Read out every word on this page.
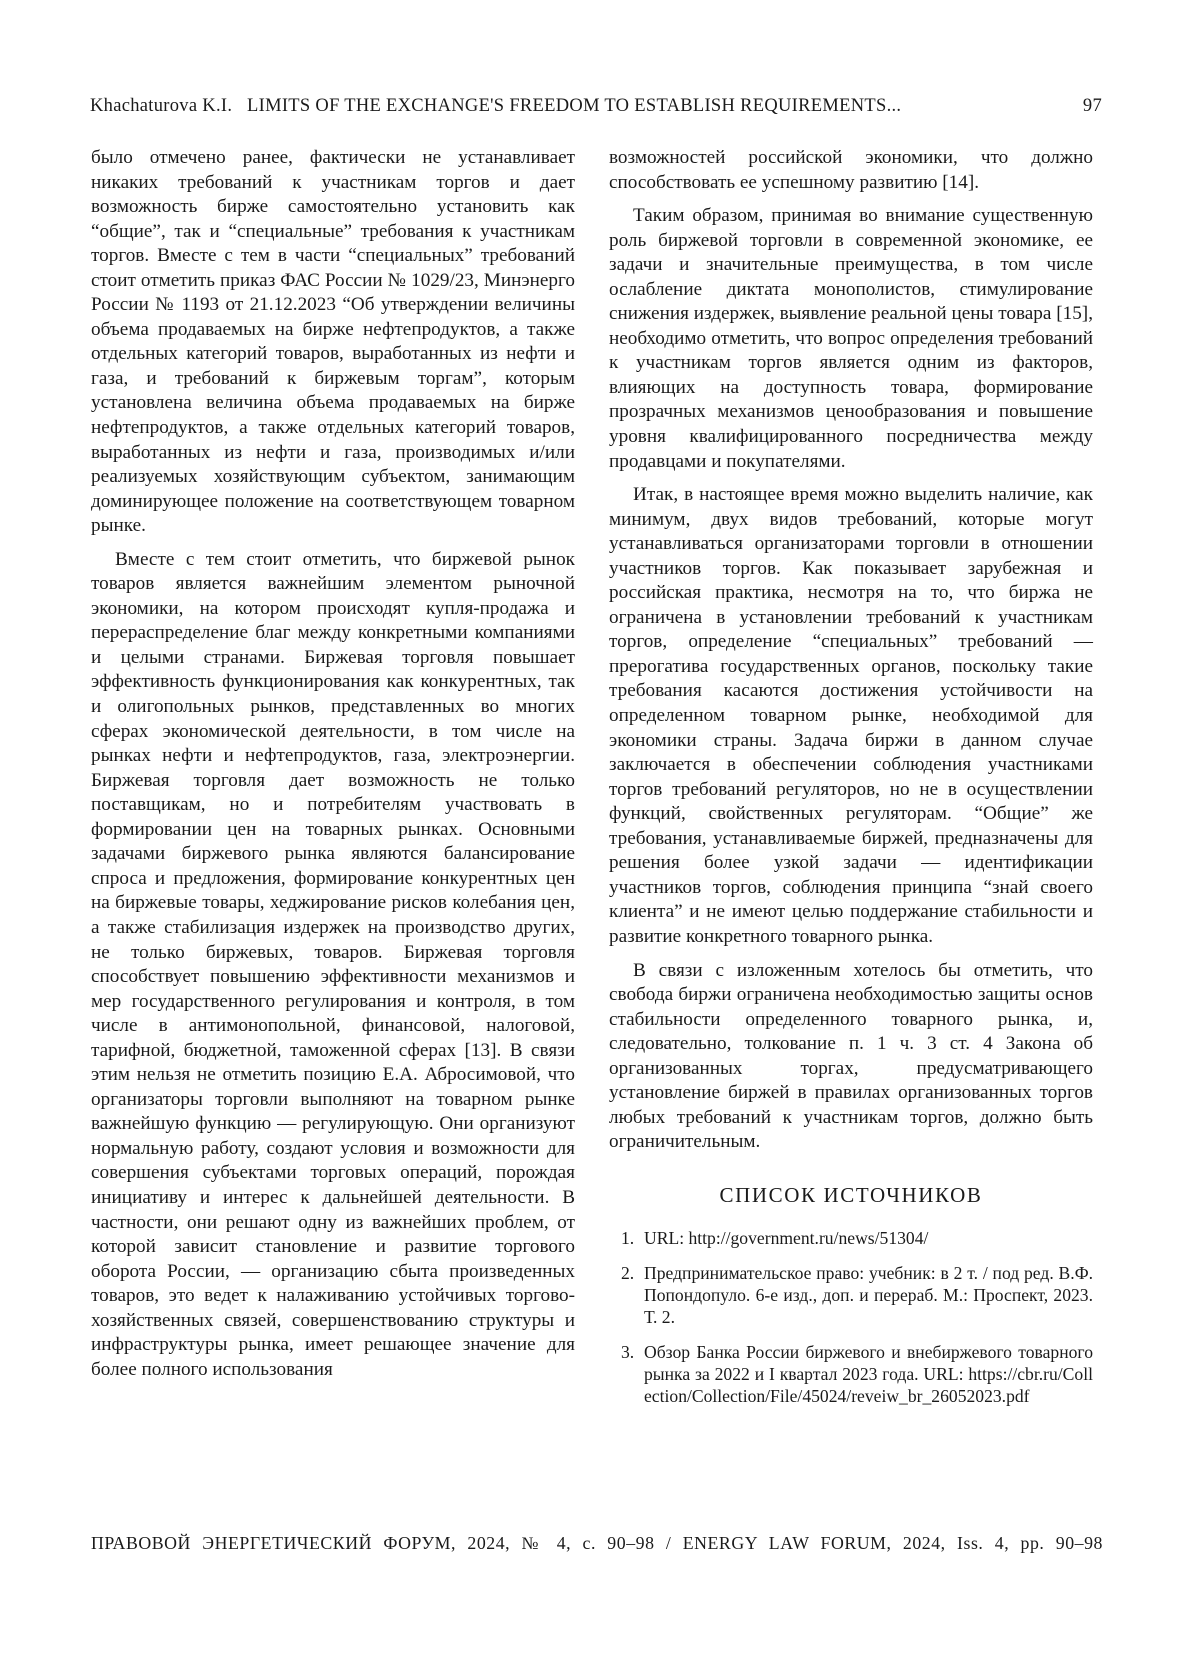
Khachaturova K.I.   LIMITS OF THE EXCHANGE'S FREEDOM TO ESTABLISH REQUIREMENTS...	97

было отмечено ранее, фактически не устанавливает никаких требований к участникам торгов и дает возможность бирже самостоятельно установить как “общие”, так и “специальные” требования к участникам торгов. Вместе с тем в части “специальных” требований стоит отметить приказ ФАС России № 1029/23, Минэнерго России № 1193 от 21.12.2023 “Об утверждении величины объема продаваемых на бирже нефтепродуктов, а также отдельных категорий товаров, выработанных из нефти и газа, и требований к биржевым торгам”, которым установлена величина объема продаваемых на бирже нефтепродуктов, а также отдельных категорий товаров, выработанных из нефти и газа, производимых и/или реализуемых хозяйствующим субъектом, занимающим доминирующее положение на соответствующем товарном рынке.

Вместе с тем стоит отметить, что биржевой рынок товаров является важнейшим элементом рыночной экономики, на котором происходят купля-продажа и перераспределение благ между конкретными компаниями и целыми странами. Биржевая торговля повышает эффективность функционирования как конкурентных, так и олигопольных рынков, представленных во многих сферах экономической деятельности, в том числе на рынках нефти и нефтепродуктов, газа, электроэнергии. Биржевая торговля дает возможность не только поставщикам, но и потребителям участвовать в формировании цен на товарных рынках. Основными задачами биржевого рынка являются балансирование спроса и предложения, формирование конкурентных цен на биржевые товары, хеджирование рисков колебания цен, а также стабилизация издержек на производство других, не только биржевых, товаров. Биржевая торговля способствует повышению эффективности механизмов и мер государственного регулирования и контроля, в том числе в антимонопольной, финансовой, налоговой, тарифной, бюджетной, таможенной сферах [13]. В связи этим нельзя не отметить позицию Е.А. Абросимовой, что организаторы торговли выполняют на товарном рынке важнейшую функцию — регулирующую. Они организуют нормальную работу, создают условия и возможности для совершения субъектами торговых операций, порождая инициативу и интерес к дальнейшей деятельности. В частности, они решают одну из важнейших проблем, от которой зависит становление и развитие торгового оборота России, — организацию сбыта произведенных товаров, это ведет к налаживанию устойчивых торгово-хозяйственных связей, совершенствованию структуры и инфраструктуры рынка, имеет решающее значение для более полного использования

возможностей российской экономики, что должно способствовать ее успешному развитию [14].

Таким образом, принимая во внимание существенную роль биржевой торговли в современной экономике, ее задачи и значительные преимущества, в том числе ослабление диктата монополистов, стимулирование снижения издержек, выявление реальной цены товара [15], необходимо отметить, что вопрос определения требований к участникам торгов является одним из факторов, влияющих на доступность товара, формирование прозрачных механизмов ценообразования и повышение уровня квалифицированного посредничества между продавцами и покупателями.

Итак, в настоящее время можно выделить наличие, как минимум, двух видов требований, которые могут устанавливаться организаторами торговли в отношении участников торгов. Как показывает зарубежная и российская практика, несмотря на то, что биржа не ограничена в установлении требований к участникам торгов, определение “специальных” требований — прерогатива государственных органов, поскольку такие требования касаются достижения устойчивости на определенном товарном рынке, необходимой для экономики страны. Задача биржи в данном случае заключается в обеспечении соблюдения участниками торгов требований регуляторов, но не в осуществлении функций, свойственных регуляторам. “Общие” же требования, устанавливаемые биржей, предназначены для решения более узкой задачи — идентификации участников торгов, соблюдения принципа “знай своего клиента” и не имеют целью поддержание стабильности и развитие конкретного товарного рынка.

В связи с изложенным хотелось бы отметить, что свобода биржи ограничена необходимостью защиты основ стабильности определенного товарного рынка, и, следовательно, толкование п. 1 ч. 3 ст. 4 Закона об организованных торгах, предусматривающего установление биржей в правилах организованных торгов любых требований к участникам торгов, должно быть ограничительным.

СПИСОК ИСТОЧНИКОВ
1. URL: http://government.ru/news/51304/
2. Предпринимательское право: учебник: в 2 т. / под ред. В.Ф. Попондопуло. 6-е изд., доп. и перераб. М.: Проспект, 2023. Т. 2.
3. Обзор Банка России биржевого и внебиржевого товарного рынка за 2022 и I квартал 2023 года. URL: https://cbr.ru/Collection/Collection/File/45024/reveiw_br_26052023.pdf
ПРАВОВОЙ ЭНЕРГЕТИЧЕСКИЙ ФОРУМ, 2024, № 4, с. 90–98 / ENERGY LAW FORUM, 2024, Iss. 4, pp. 90–98
